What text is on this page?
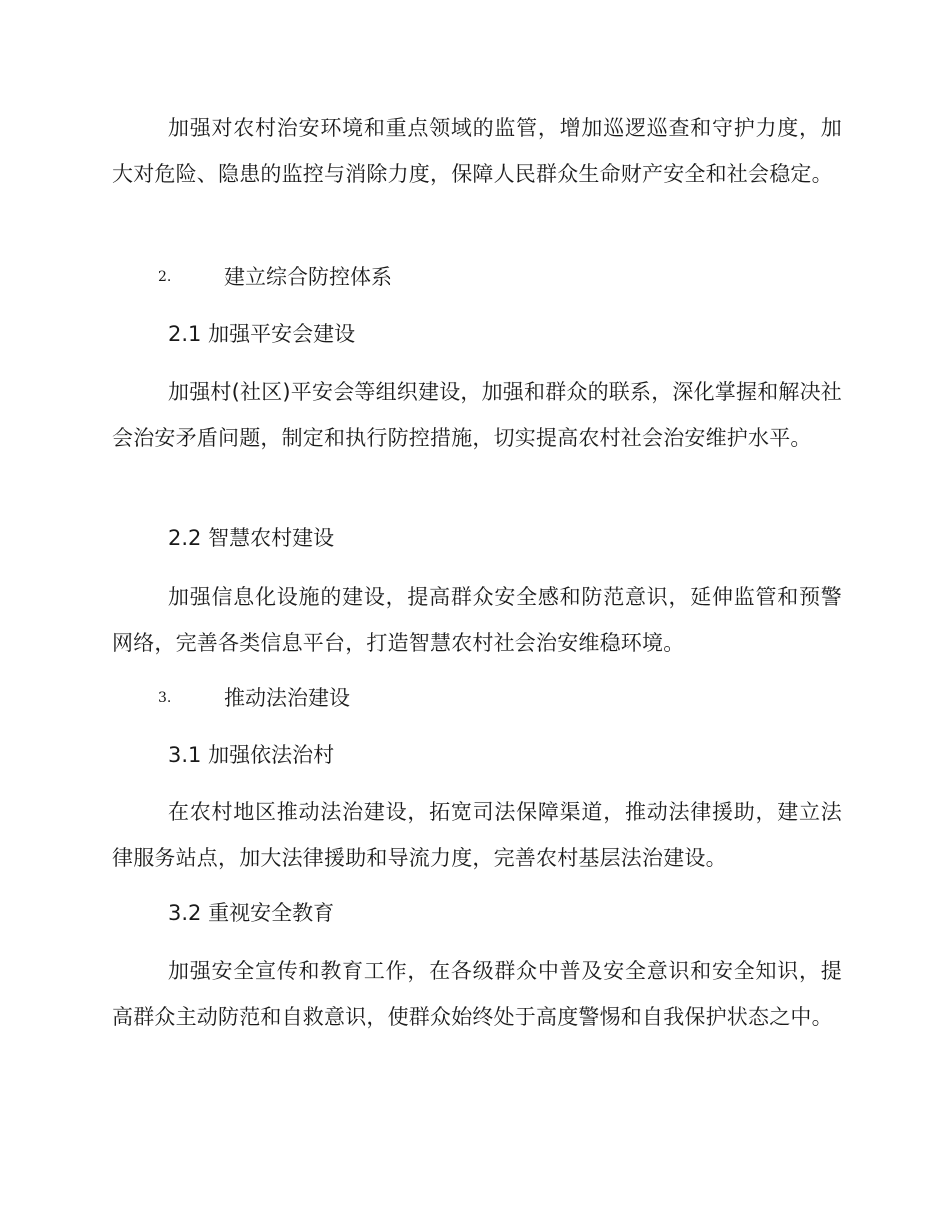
加强对农村治安环境和重点领域的监管，增加巡逻巡查和守护力度，加大对危险、隐患的监控与消除力度，保障人民群众生命财产安全和社会稳定。

2.	建立综合防控体系

2.1 加强平安会建设

加强村(社区)平安会等组织建设，加强和群众的联系，深化掌握和解决社会治安矛盾问题，制定和执行防控措施，切实提高农村社会治安维护水平。

2.2 智慧农村建设

加强信息化设施的建设，提高群众安全感和防范意识，延伸监管和预警网络，完善各类信息平台，打造智慧农村社会治安维稳环境。

3.	推动法治建设

3.1 加强依法治村

在农村地区推动法治建设，拓宽司法保障渠道，推动法律援助，建立法律服务站点，加大法律援助和导流力度，完善农村基层法治建设。

3.2 重视安全教育

加强安全宣传和教育工作，在各级群众中普及安全意识和安全知识，提高群众主动防范和自救意识，使群众始终处于高度警惕和自我保护状态之中。
